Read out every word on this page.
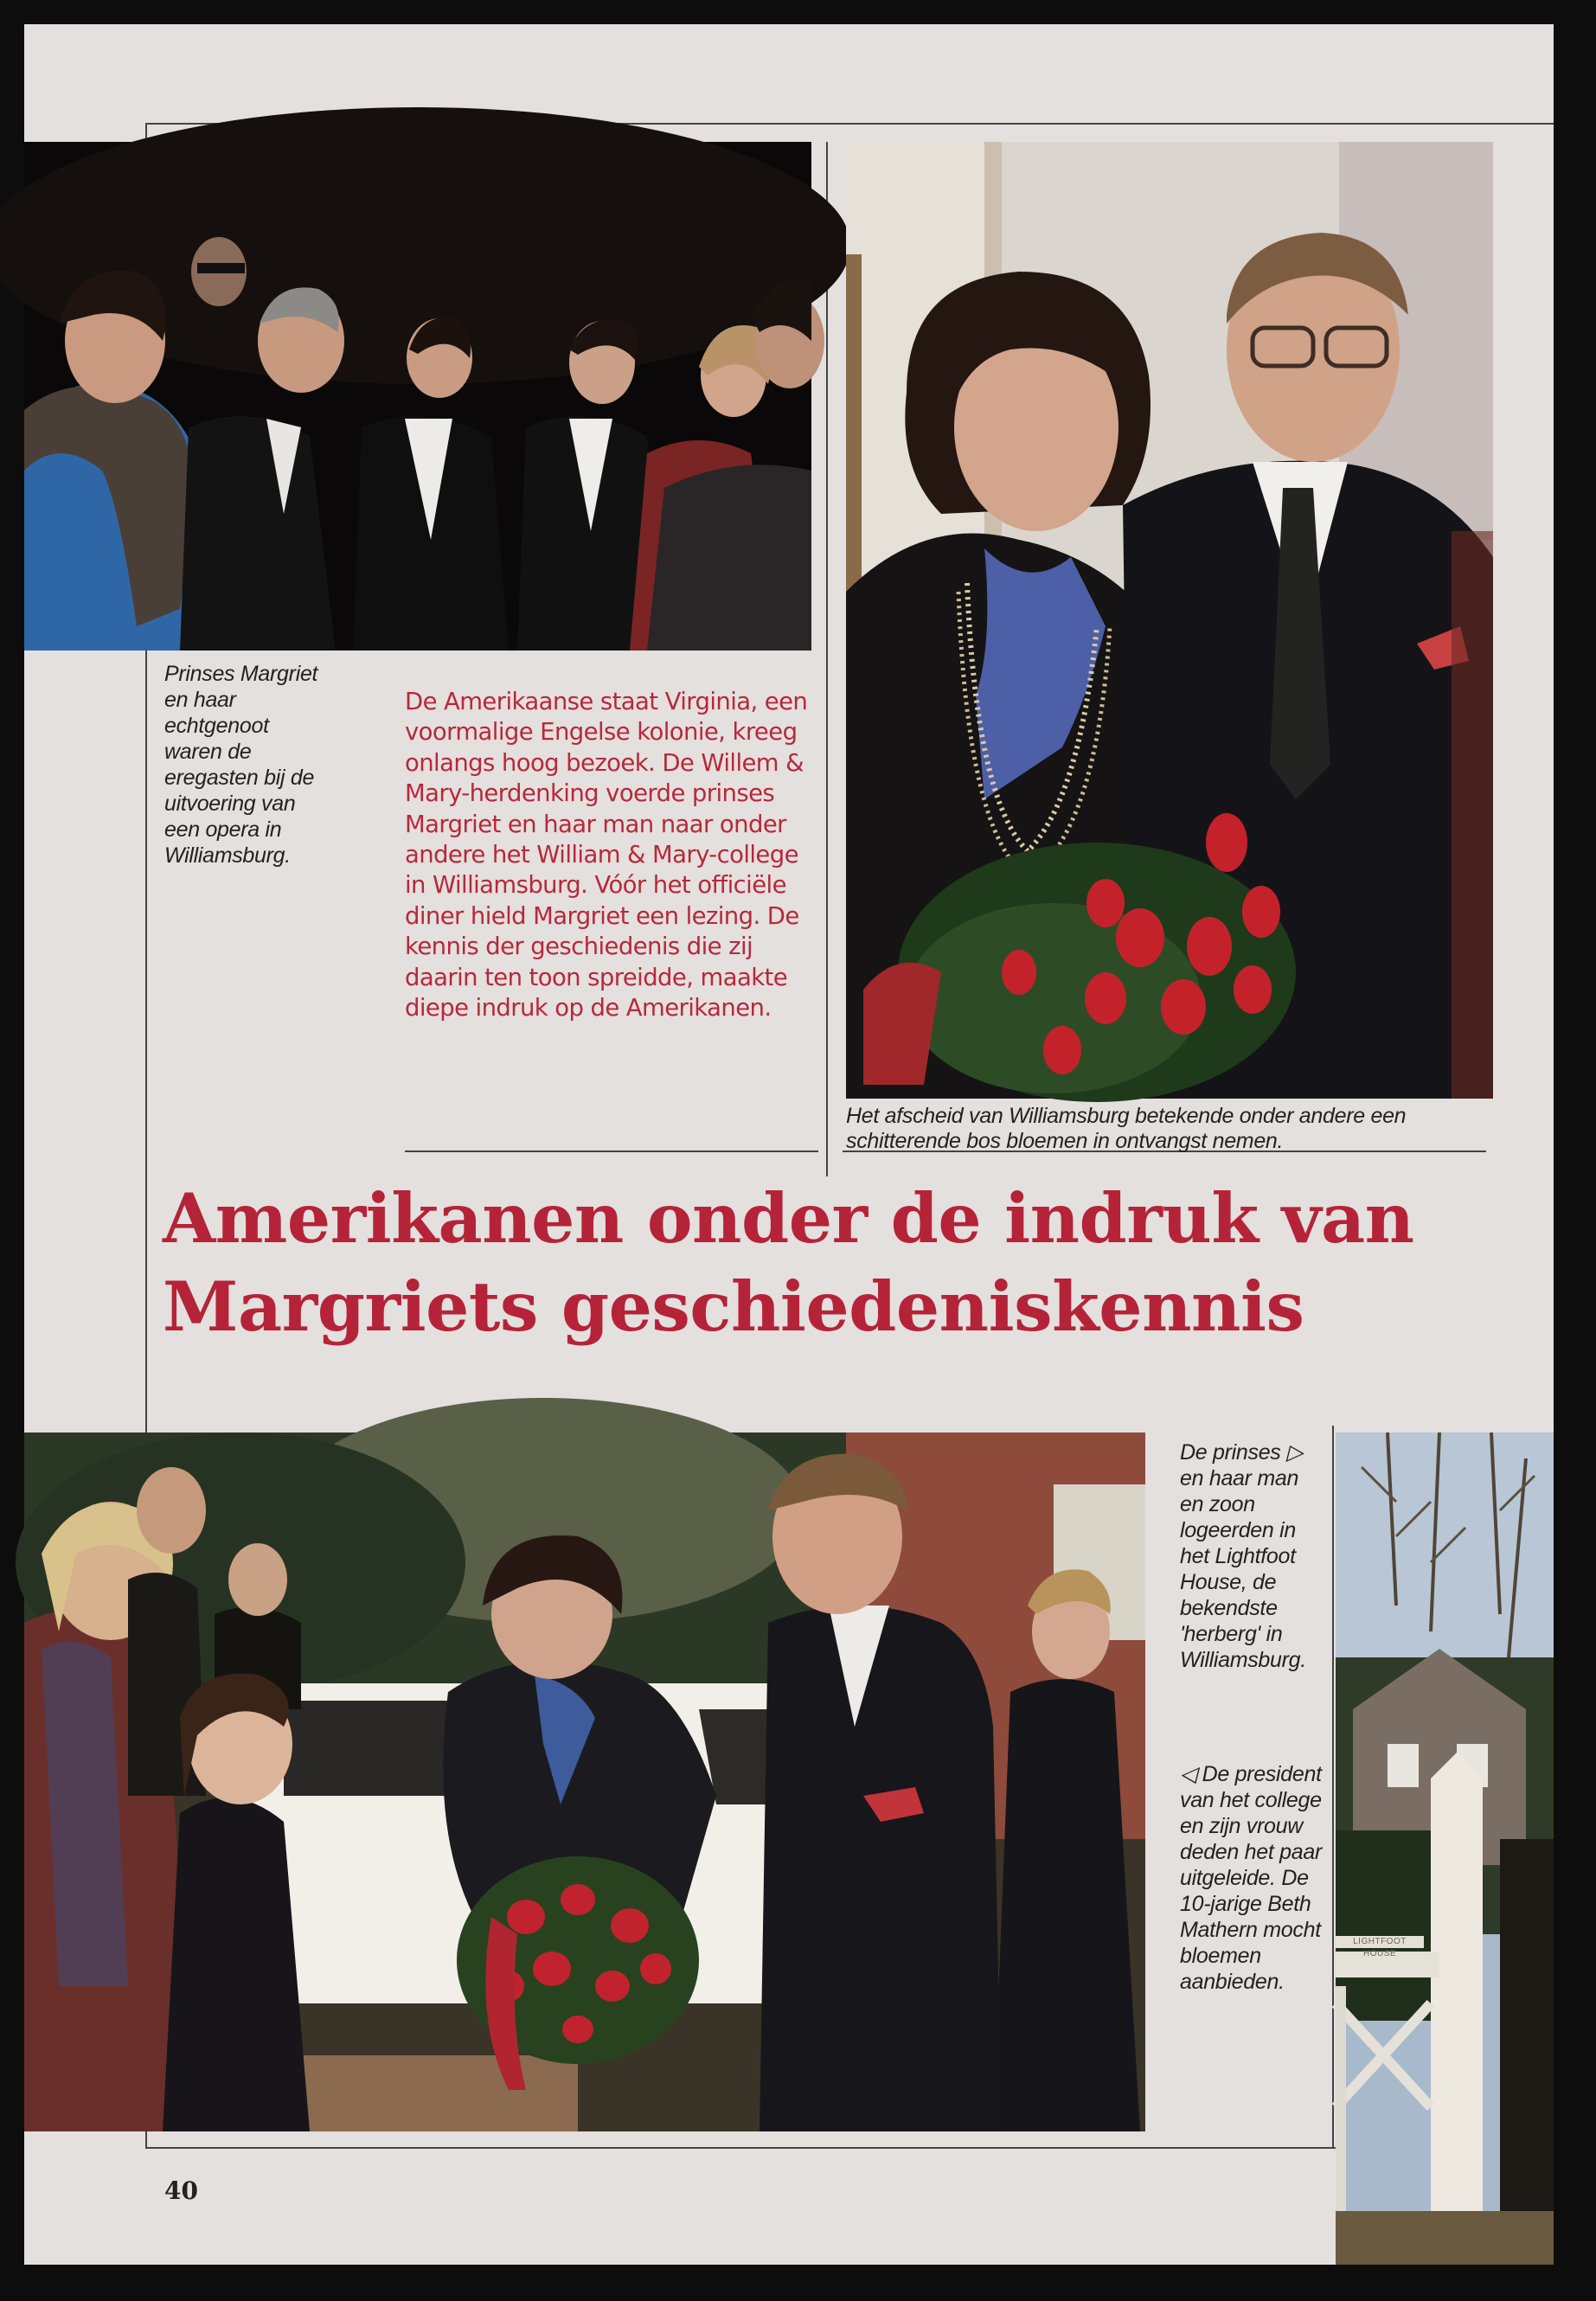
Prinses Margriet en haar echtgenoot waren de eregasten bij de uitvoering van een opera in Williamsburg.

De Amerikaanse staat Virginia, een voormalige Engelse kolonie, kreeg onlangs hoog bezoek. De Willem & Mary-herdenking voerde prinses Margriet en haar man naar onder andere het William & Mary-college in Williamsburg. Vóór het officiële diner hield Margriet een lezing. De kennis der geschiedenis die zij daarin ten toon spreidde, maakte diepe indruk op de Amerikanen.

Het afscheid van Williamsburg betekende onder andere een schitterende bos bloemen in ontvangst nemen.

Amerikanen onder de indruk van
Margriets geschiedeniskennis

De prinses ▷ en haar man en zoon logeerden in het Lightfoot House, de bekendste 'herberg' in Williamsburg.

◁ De president van het college en zijn vrouw deden het paar uitgeleide. De 10-jarige Beth Mathern mocht bloemen aanbieden.

LIGHTFOOT HOUSE
40
